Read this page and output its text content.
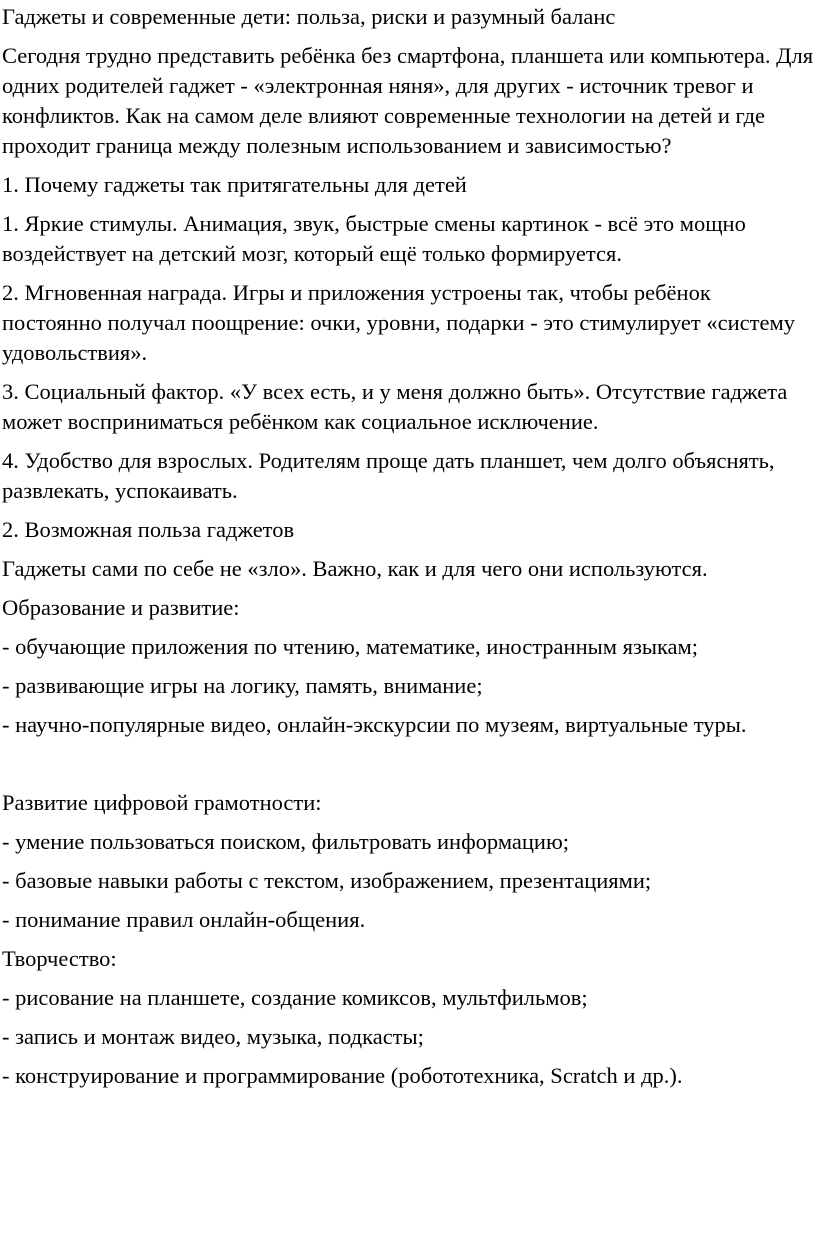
Гаджеты и современные дети: польза, риски и разумный баланс

Сегодня трудно представить ребёнка без смартфона, планшета или компьютера. Для одних родителей гаджет - «электронная няня», для других - источник тревог и конфликтов. Как на самом деле влияют современные технологии на детей и где проходит граница между полезным использованием и зависимостью?

1. Почему гаджеты так притягательны для детей

1. Яркие стимулы. Анимация, звук, быстрые смены картинок - всё это мощно воздействует на детский мозг, который ещё только формируется.

2. Мгновенная награда. Игры и приложения устроены так, чтобы ребёнок постоянно получал поощрение: очки, уровни, подарки - это стимулирует «систему удовольствия».

3. Социальный фактор. «У всех есть, и у меня должно быть». Отсутствие гаджета может восприниматься ребёнком как социальное исключение.

4. Удобство для взрослых. Родителям проще дать планшет, чем долго объяснять, развлекать, успокаивать.

2. Возможная польза гаджетов

Гаджеты сами по себе не «зло». Важно, как и для чего они используются.

Образование и развитие:

- обучающие приложения по чтению, математике, иностранным языкам;

- развивающие игры на логику, память, внимание;

- научно-популярные видео, онлайн-экскурсии по музеям, виртуальные туры.

Развитие цифровой грамотности:

- умение пользоваться поиском, фильтровать информацию;

- базовые навыки работы с текстом, изображением, презентациями;

- понимание правил онлайн-общения.

Творчество:

- рисование на планшете, создание комиксов, мультфильмов;

- запись и монтаж видео, музыка, подкасты;

- конструирование и программирование (робототехника, Scratch и др.).
